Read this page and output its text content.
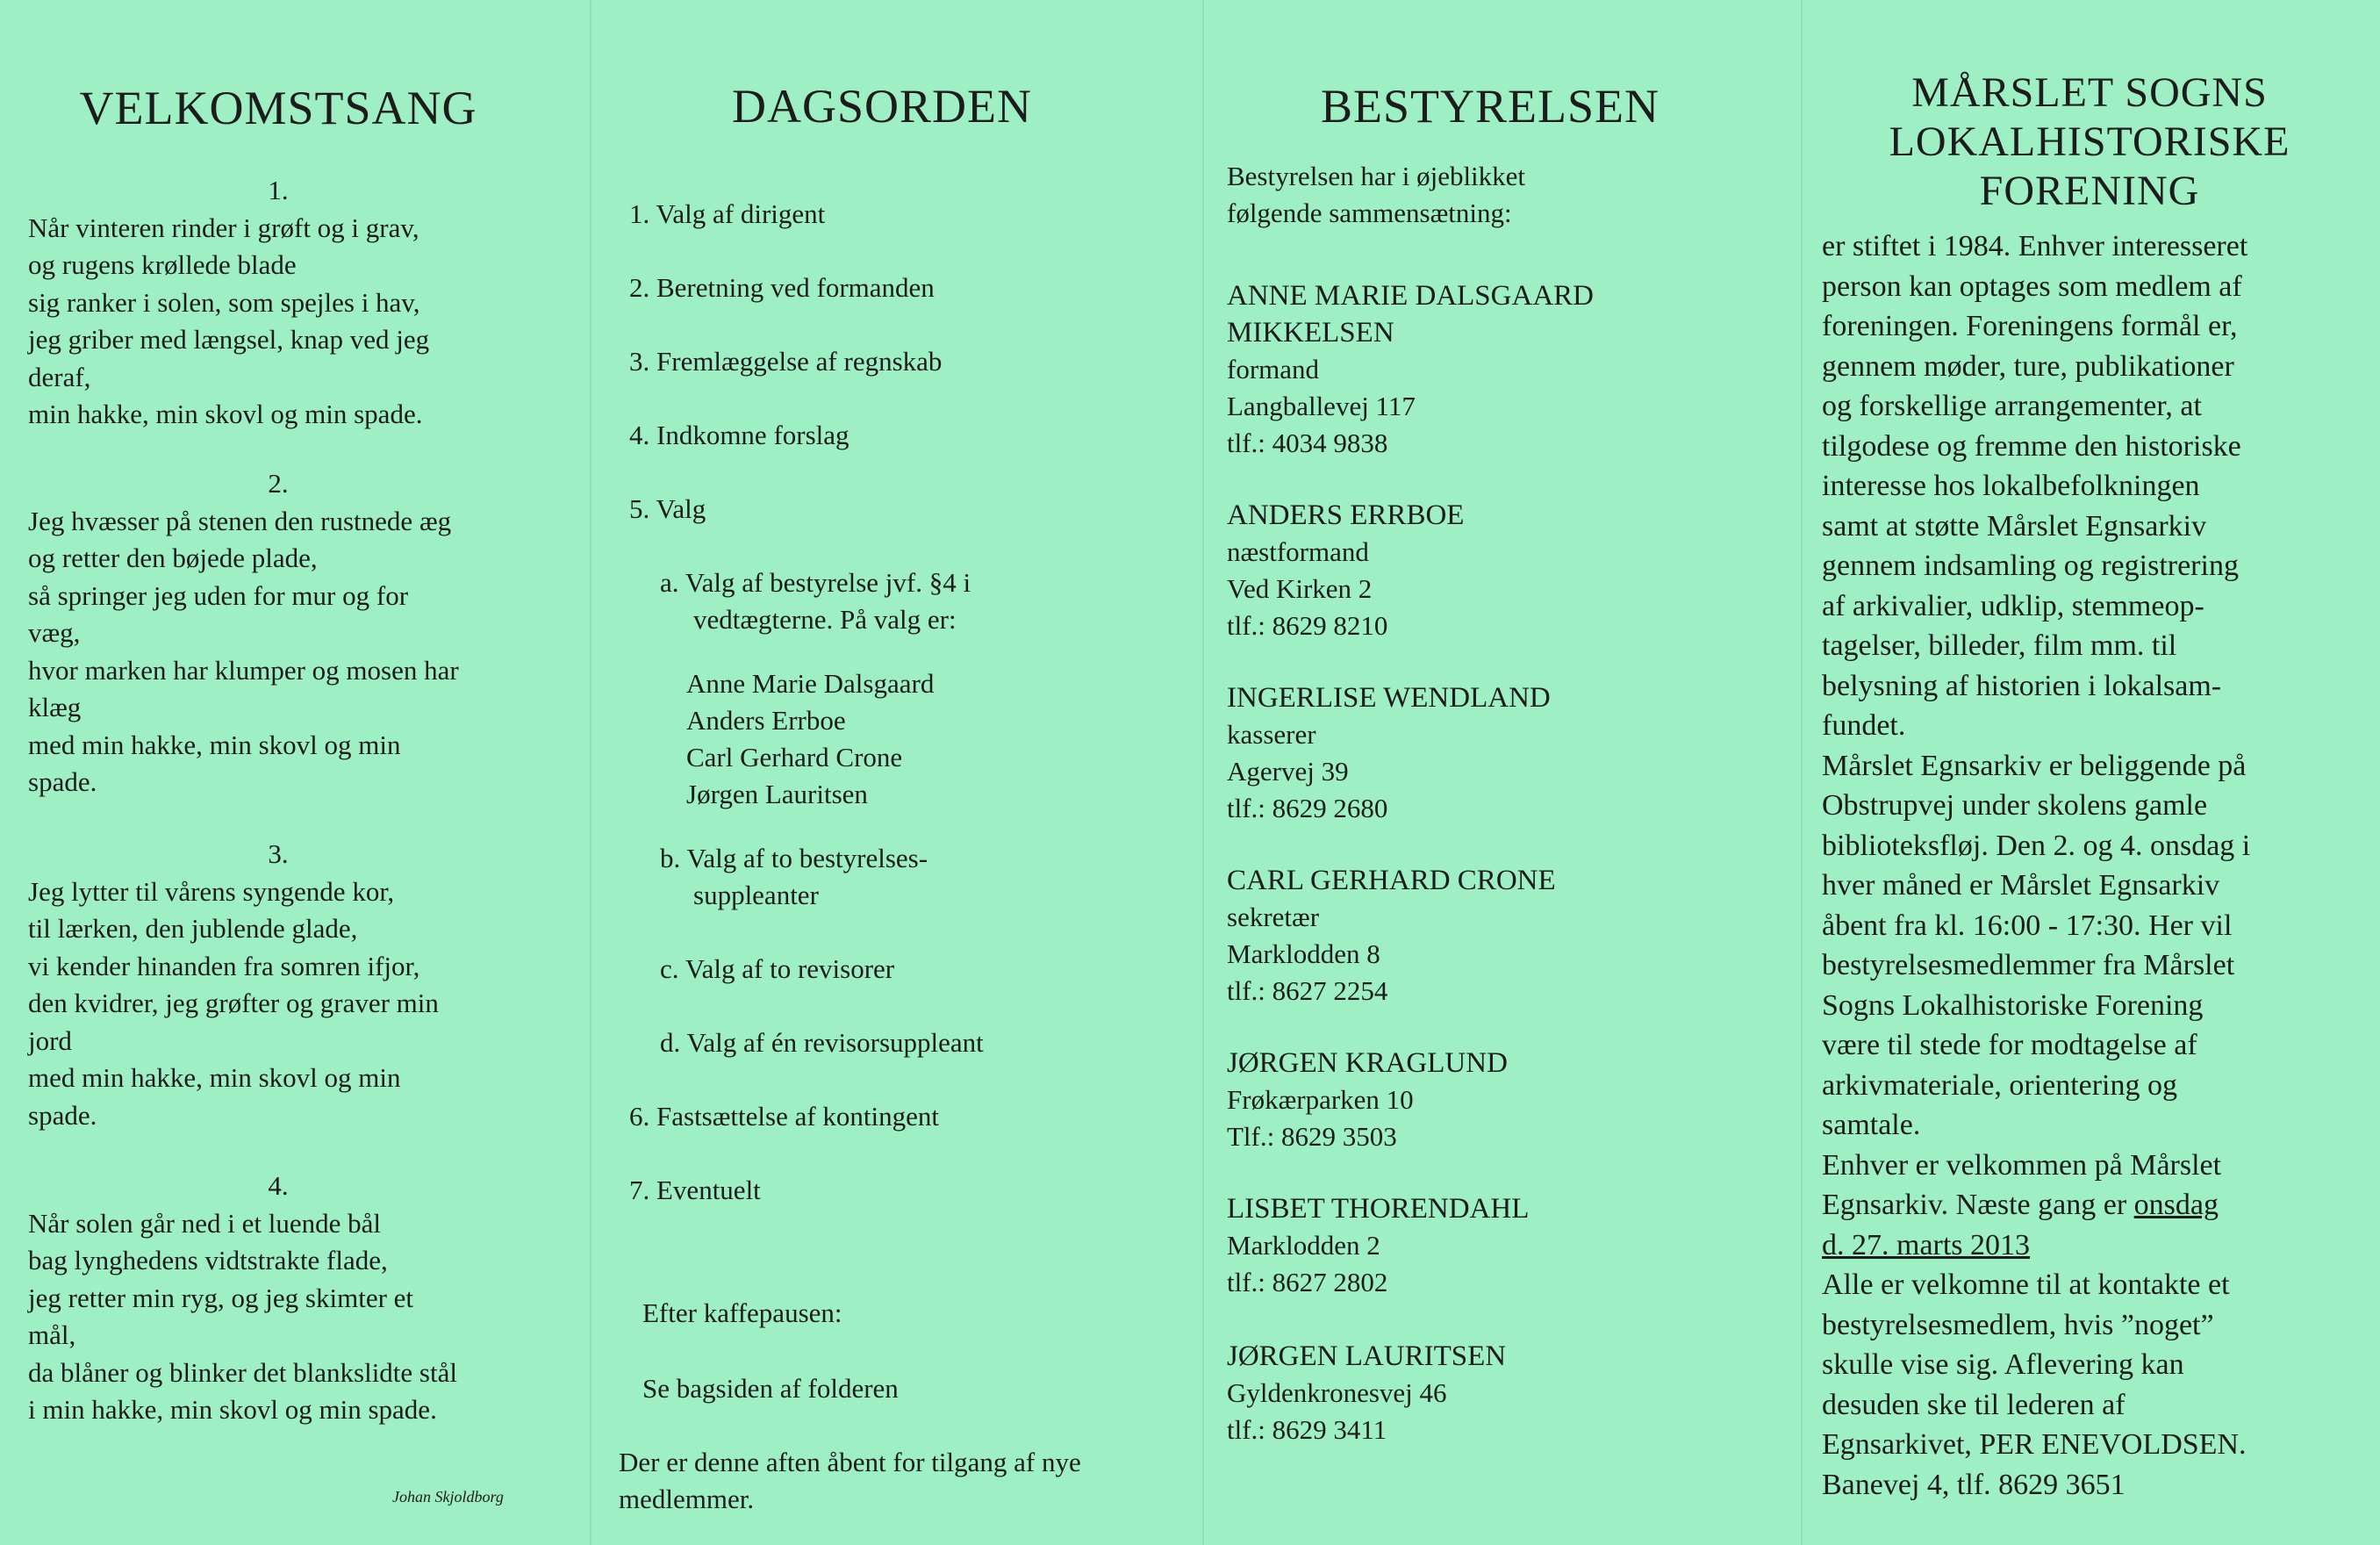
VELKOMSTSANG
1.
Når vinteren rinder i grøft og i grav,
og rugens krøllede blade
sig ranker i solen, som spejles i hav,
jeg griber med længsel, knap ved jeg
deraf,
min hakke, min skovl og min spade.
2.
Jeg hvæsser på stenen den rustnede æg
og retter den bøjede plade,
så springer jeg uden for mur og for
væg,
hvor marken har klumper og mosen har
klæg
med min hakke, min skovl og min
spade.
3.
Jeg lytter til vårens syngende kor,
til lærken, den jublende glade,
vi kender hinanden fra somren ifjor,
den kvidrer, jeg grøfter og graver min
jord
med min hakke, min skovl og min
spade.
4.
Når solen går ned i et luende bål
bag lynghedens vidtstrakte flade,
jeg retter min ryg, og jeg skimter et
mål,
da blåner og blinker det blankslidte stål
i min hakke, min skovl og min spade.
Johan Skjoldborg
DAGSORDEN
1. Valg af dirigent
2. Beretning ved formanden
3. Fremlæggelse af regnskab
4. Indkomne forslag
5. Valg
a. Valg af bestyrelse jvf. §4 i
vedtægterne. På valg er:
Anne Marie Dalsgaard
Anders Errboe
Carl Gerhard Crone
Jørgen Lauritsen
b. Valg af to bestyrelses-
suppleanter
c. Valg af to revisorer
d. Valg af én revisorsuppleant
6. Fastsættelse af kontingent
7. Eventuelt
Efter kaffepausen:
Se bagsiden af folderen
Der er denne aften åbent for tilgang af nye
medlemmer.
BESTYRELSEN
Bestyrelsen har i øjeblikket
følgende sammensætning:
ANNE MARIE DALSGAARD
MIKKELSEN
formand
Langballevej 117
tlf.: 4034 9838
ANDERS ERRBOE
næstformand
Ved Kirken 2
tlf.: 8629 8210
INGERLISE WENDLAND
kasserer
Agervej 39
tlf.: 8629 2680
CARL GERHARD CRONE
sekretær
Marklodden 8
tlf.: 8627 2254
JØRGEN KRAGLUND
Frøkærparken 10
Tlf.: 8629 3503
LISBET THORENDAHL
Marklodden 2
tlf.: 8627 2802
JØRGEN LAURITSEN
Gyldenkronesvej 46
tlf.: 8629 3411
MÅRSLET SOGNS
LOKALHISTORISKE
FORENING
er stiftet i 1984. Enhver interesseret
person kan optages som medlem af
foreningen. Foreningens formål er,
gennem møder, ture, publikationer
og forskellige arrangementer, at
tilgodese og fremme den historiske
interesse hos lokalbefolkningen
samt at støtte Mårslet Egnsarkiv
gennem indsamling og registrering
af arkivalier, udklip, stemmeop-
tagelser, billeder, film mm. til
belysning af historien i lokalsam-
fundet.
Mårslet Egnsarkiv er beliggende på
Obstrupvej under skolens gamle
biblioteksfløj. Den 2. og 4. onsdag i
hver måned er Mårslet Egnsarkiv
åbent fra kl. 16:00 - 17:30. Her vil
bestyrelsesmedlemmer fra Mårslet
Sogns Lokalhistoriske Forening
være til stede for modtagelse af
arkivmateriale, orientering og
samtale.
Enhver er velkommen på Mårslet
Egnsarkiv. Næste gang er onsdag
d. 27. marts 2013
Alle er velkomne til at kontakte et
bestyrelsesmedlem, hvis ”noget”
skulle vise sig. Aflevering kan
desuden ske til lederen af
Egnsarkivet, PER ENEVOLDSEN.
Banevej 4, tlf. 8629 3651
